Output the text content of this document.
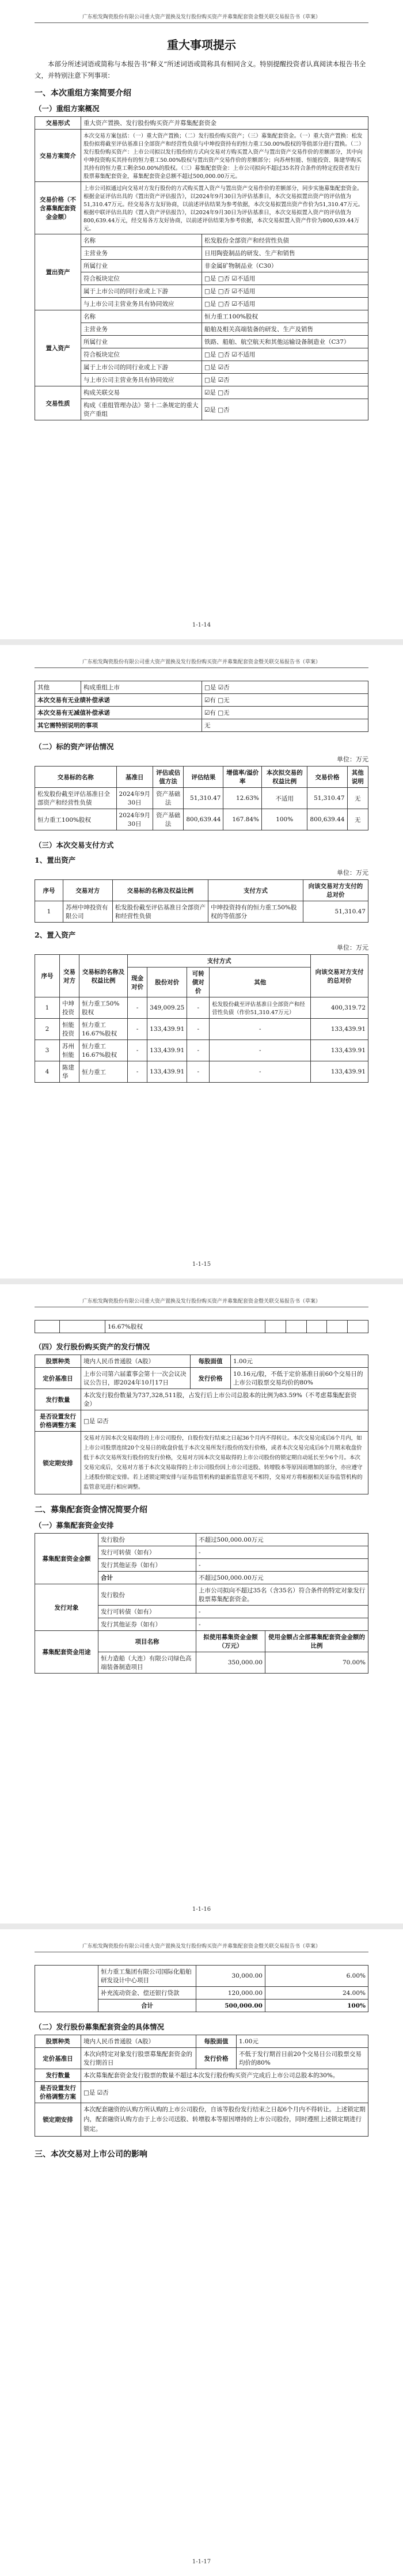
广东松发陶瓷股份有限公司重大资产置换及发行股份购买资产并募集配套资金暨关联交易报告书（草案）
重大事项提示

本部分所述词语或简称与本报告书“释义”所述词语或简称具有相同含义。特别提醒投资者认真阅读本报告书全文，并特别注意下列事项：

一、本次重组方案简要介绍
（一）重组方案概况
交易形式	重大资产置换、发行股份购买资产并募集配套资金	
交易方案简介	本次交易方案包括：（一）重大资产置换；（二）发行股份购买资产；（三）募集配套资金。（一）重大资产置换：松发股份拟将截至评估基准日全部资产和经营性负债与中坤投资持有的恒力重工50.00%股权的等值部分进行置换。（二）发行股份购买资产：上市公司拟以发行股份的方式向交易对方购买置入资产与置出资产交易作价的差额部分，其中向中坤投资购买其持有的恒力重工50.00%股权与置出资产交易作价的差额部分；向苏州恒能、恒能投资、陈建华购买其持有的恒力重工剩余50.00%的股权。（三）募集配套资金：上市公司拟向不超过35名符合条件的特定投资者发行股票募集配套资金，募集配套资金总额不超过500,000.00万元。	
交易价格（不含募集配套资金金额）	上市公司拟通过向交易对方发行股份的方式购买置入资产与置出资产交易作价的差额部分，同步实施募集配套资金。根据金证评估出具的《置出资产评估报告》，以2024年9月30日为评估基准日，本次交易拟置出资产的评估值为51,310.47万元。经交易各方友好协商，以前述评估结果为参考依据，本次交易拟置出资产作价为51,310.47万元。根据中联评估出具的《置入资产评估报告》，以2024年9月30日为评估基准日，本次交易拟置入资产的评估值为800,639.44万元，经交易各方友好协商，以前述评估结果为参考依据，本次交易拟置入资产作价为800,639.44万元。	
置出资产	名称	松发股份全部资产和经营性负债
	主营业务	日用陶瓷制品的研发、生产和销售
	所属行业	非金属矿物制品业（C30）
	符合板块定位	□是 □否 ☑不适用
	属于上市公司的同行业或上下游	□是 □否 ☑不适用
	与上市公司主营业务具有协同效应	□是 □否 ☑不适用
置入资产	名称	恒力重工100%股权
	主营业务	船舶及相关高端装备的研发、生产及销售
	所属行业	铁路、船舶、航空航天和其他运输设备制造业（C37）
	符合板块定位	□是 □否 ☑不适用
	属于上市公司的同行业或上下游	□是 ☑否
	与上市公司主营业务具有协同效应	□是 ☑否
交易性质	构成关联交易	☑是 □否
	构成《重组管理办法》第十二条规定的重大资产重组	☑是 □否
1-1-14
广东松发陶瓷股份有限公司重大资产置换及发行股份购买资产并募集配套资金暨关联交易报告书（草案）
其他	构成重组上市	□是 ☑否
本次交易有无业绩补偿承诺		☑有 □无
本次交易有无减值补偿承诺		☑有 □无
其它需特别说明的事项		无
（二）标的资产评估情况
单位：万元
交易标的名称	基准日	评估或估值方法	评估结果	增值率/溢价率	本次拟交易的权益比例	交易价格	其他说明
松发股份截至评估基准日全部资产和经营性负债	2024年9月30日	资产基础法	51,310.47	12.63%	不适用	51,310.47	无
恒力重工100%股权	2024年9月30日	资产基础法	800,639.44	167.84%	100%	800,639.44	无
（三）本次交易支付方式
1、置出资产
单位：万元
序号	交易对方	交易标的名称及权益比例	支付方式	向该交易对方支付的总对价
1	苏州中坤投资有限公司	松发股份截至评估基准日全部资产和经营性负债	中坤投资持有的恒力重工50%股权的等值部分	51,310.47
2、置入资产
单位：万元
序号	交易对方	交易标的名称及权益比例	支付方式				向该交易对方支付的总对价
			现金对价	股份对价	可转债对价	其他	
1	中坤投资	恒力重工50%股权	-	349,009.25	-	松发股份截至评估基准日全部资产和经营性负债（作价51,310.47万元）	400,319.72
2	恒能投资	恒力重工16.67%股权	-	133,439.91	-	-	133,439.91
3	苏州恒能	恒力重工16.67%股权	-	133,439.91	-	-	133,439.91
4	陈建华	恒力重工	-	133,439.91	-	-	133,439.91
1-1-15
广东松发陶瓷股份有限公司重大资产置换及发行股份购买资产并募集配套资金暨关联交易报告书（草案）
		16.67%股权					
（四）发行股份购买资产的发行情况
股票种类	境内人民币普通股（A股）	每股面值	1.00元
定价基准日	上市公司第六届董事会第十一次会议决议公告日，即2024年10月17日	发行价格	10.16元/股，不低于定价基准日前60个交易日的上市公司股票交易均价的80%
发行数量	本次发行股份数量为737,328,511股，占发行后上市公司总股本的比例为83.59%（不考虑募集配套资金）		
是否设置发行价格调整方案	□是 ☑否		
锁定期安排	交易对方因本次交易取得的上市公司股份，自股份发行结束之日起36个月内不得转让。本次交易完成后6个月内，如上市公司股票连续20个交易日的收盘价低于本次交易所发行股份的发行价格，或者本次交易完成后6个月期末收盘价低于本次交易所发行股份的发行价格，交易对方因本次交易取得的上市公司股份的锁定期自动延长至少6个月。本次交易完成后，交易对方基于本次交易取得的上市公司股份因上市公司送股、转增股本等原因而增加的部分，亦应遵守上述股份锁定安排。若上述锁定期安排与证券监管机构的最新监管意见不相符，交易对方将根据相关证券监管机构的监管意见进行相应调整。		
二、募集配套资金情况简要介绍
（一）募集配套资金安排
募集配套资金金额	发行股份	不超过500,000.00万元	
	发行可转债（如有）	-	
	发行其他证券（如有）	-	
	合计	不超过500,000.00万元	
发行对象	发行股份	上市公司拟向不超过35名（含35名）符合条件的特定对象发行股票募集配套资金。	
	发行可转债（如有）	-	
	发行其他证券（如有）	-	
募集配套资金用途	项目名称	拟使用募集资金金额（万元）	使用金额占全部募集配套资金金额的比例
	恒力造船（大连）有限公司绿色高端装备制造项目	350,000.00	70.00%
1-1-16
广东松发陶瓷股份有限公司重大资产置换及发行股份购买资产并募集配套资金暨关联交易报告书（草案）
	恒力重工集团有限公司国际化船舶研发设计中心项目	30,000.00	6.00%
	补充流动资金、偿还银行贷款	120,000.00	24.00%
	合计	500,000.00	100%
（二）发行股份募集配套资金的具体情况
股票种类	境内人民币普通股（A股）	每股面值	1.00元
定价基准日	本次向特定对象发行股票募集配套资金的发行期首日	发行价格	不低于发行期首日前20个交易日公司股票交易均价的80%
发行数量	本次募集配套资金发行股票的数量不超过本次发行股份购买资产完成后上市公司总股本的30%。		
是否设置发行价格调整方案	□是 ☑否		
锁定期安排	本次配套融资的认购方所认购的上市公司股份，自该等股份发行结束之日起6个月内不得转让。上述锁定期内，配套融资认购方由于上市公司送股、转增股本等原因增持的上市公司股份，同时遵照上述锁定期进行锁定。		
三、本次交易对上市公司的影响
1-1-17
